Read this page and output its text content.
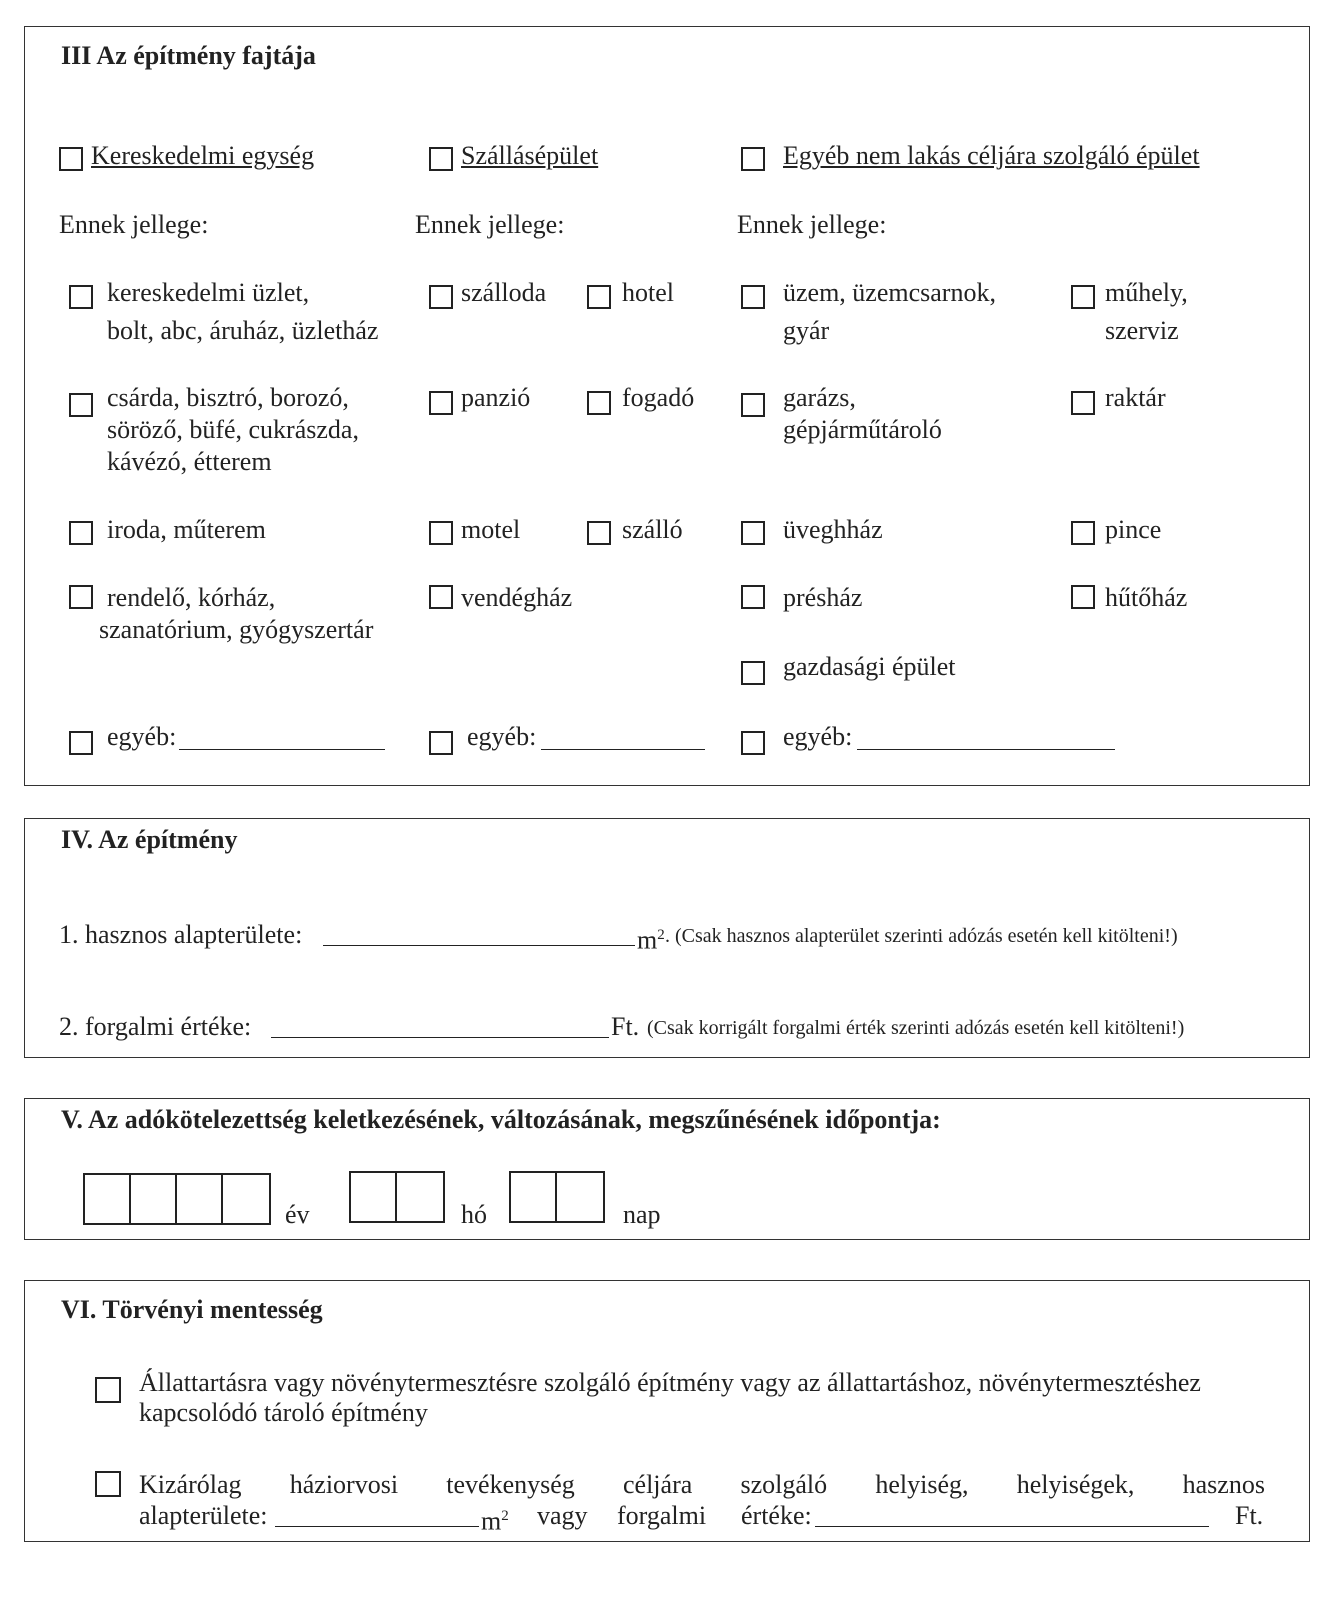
III Az építmény fajtája
Kereskedelmi egység	Szállásépület	Egyéb nem lakás céljára szolgáló épület
Ennek jellege:	Ennek jellege:	Ennek jellege:
kereskedelmi üzlet,
bolt, abc, áruház, üzletház
csárda, bisztró, borozó,
söröző, büfé, cukrászda,
kávézó, étterem
iroda, műterem
rendelő, kórház,
szanatórium, gyógyszertár
egyéb:
szálloda	hotel
panzió	fogadó
motel	szálló
vendégház
egyéb:
üzem, üzemcsarnok,
gyár
műhely,
szerviz
garázs,
gépjárműtároló
raktár
üveghház	pince
présház	hűtőház
gazdasági épület
egyéb:
IV. Az építmény
1. hasznos alapterülete:	$m^2$ . (Csak hasznos alapterület szerinti adózás esetén kell kitölteni!)
2. forgalmi értéke:	Ft. (Csak korrigált forgalmi érték szerinti adózás esetén kell kitölteni!)
V. Az adókötelezettség keletkezésének, változásának, megszűnésének időpontja:
év	hó	nap
VI. Törvényi mentesség
Állattartásra vagy növénytermesztésre szolgáló építmény vagy az állattartáshoz, növénytermesztéshez
kapcsolódó tároló építmény
Kizárólag háziorvosi tevékenység céljára szolgáló helyiség, helyiségek, hasznos
alapterülete:	$m^2$ vagy forgalmi értéke:	Ft.
